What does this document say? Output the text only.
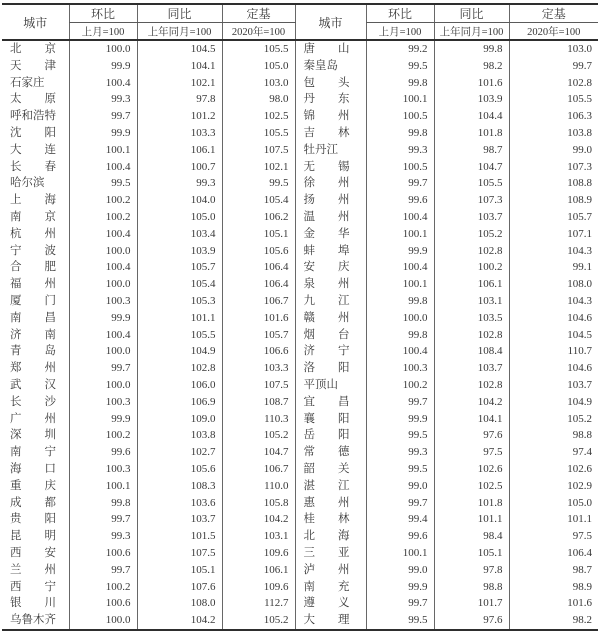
城市	环比	同比	定基	城市	环比	同比	定基
	上月=100	上年同月=100	2020年=100		上月=100	上年同月=100	2020年=100
北　　京	100.0	104.5	105.5	唐　　山	99.2	99.8	103.0
天　　津	99.9	104.1	105.0	秦皇岛	99.5	98.2	99.7
石家庄	100.4	102.1	103.0	包　　头	99.8	101.6	102.8
太　　原	99.3	97.8	98.0	丹　　东	100.1	103.9	105.5
呼和浩特	99.7	101.2	102.5	锦　　州	100.5	104.4	106.3
沈　　阳	99.9	103.3	105.5	吉　　林	99.8	101.8	103.8
大　　连	100.1	106.1	107.5	牡丹江	99.3	98.7	99.0
长　　春	100.4	100.7	102.1	无　　锡	100.5	104.7	107.3
哈尔滨	99.5	99.3	99.5	徐　　州	99.7	105.5	108.8
上　　海	100.2	104.0	105.4	扬　　州	99.6	107.3	108.9
南　　京	100.2	105.0	106.2	温　　州	100.4	103.7	105.7
杭　　州	100.4	103.4	105.1	金　　华	100.1	105.2	107.1
宁　　波	100.0	103.9	105.6	蚌　　埠	99.9	102.8	104.3
合　　肥	100.4	105.7	106.4	安　　庆	100.4	100.2	99.1
福　　州	100.0	105.4	106.4	泉　　州	100.1	106.1	108.0
厦　　门	100.3	105.3	106.7	九　　江	99.8	103.1	104.3
南　　昌	99.9	101.1	101.6	赣　　州	100.0	103.5	104.6
济　　南	100.4	105.5	105.7	烟　　台	99.8	102.8	104.5
青　　岛	100.0	104.9	106.6	济　　宁	100.4	108.4	110.7
郑　　州	99.7	102.8	103.3	洛　　阳	100.3	103.7	104.6
武　　汉	100.0	106.0	107.5	平顶山	100.2	102.8	103.7
长　　沙	100.3	106.9	108.7	宜　　昌	99.7	104.2	104.9
广　　州	99.9	109.0	110.3	襄　　阳	99.9	104.1	105.2
深　　圳	100.2	103.8	105.2	岳　　阳	99.5	97.6	98.8
南　　宁	99.6	102.7	104.7	常　　德	99.3	97.5	97.4
海　　口	100.3	105.6	106.7	韶　　关	99.5	102.6	102.6
重　　庆	100.1	108.3	110.0	湛　　江	99.0	102.5	102.9
成　　都	99.8	103.6	105.8	惠　　州	99.7	101.8	105.0
贵　　阳	99.7	103.7	104.2	桂　　林	99.4	101.1	101.1
昆　　明	99.3	101.5	103.1	北　　海	99.6	98.4	97.5
西　　安	100.6	107.5	109.6	三　　亚	100.1	105.1	106.4
兰　　州	99.7	105.1	106.1	泸　　州	99.0	97.8	98.7
西　　宁	100.2	107.6	109.6	南　　充	99.9	98.8	98.9
银　　川	100.6	108.0	112.7	遵　　义	99.7	101.7	101.6
乌鲁木齐	100.0	104.2	105.2	大　　理	99.5	97.6	98.2
